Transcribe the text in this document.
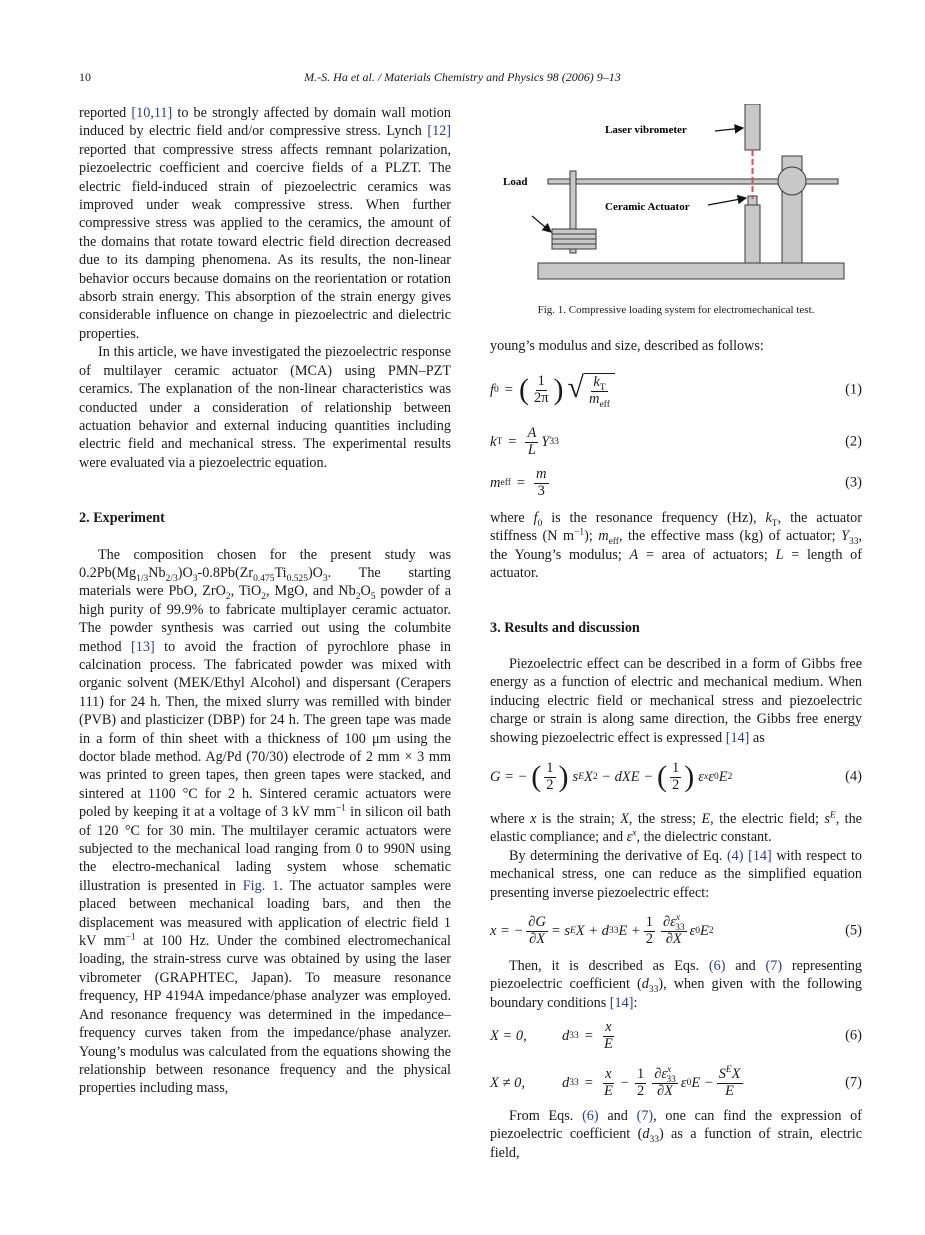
10	M.-S. Ha et al. / Materials Chemistry and Physics 98 (2006) 9–13

reported [10,11] to be strongly affected by domain wall motion induced by electric field and/or compressive stress. Lynch [12] reported that compressive stress affects remnant polarization, piezoelectric coefficient and coercive fields of a PLZT. The electric field-induced strain of piezoelectric ceramics was improved under weak compressive stress. When further compressive stress was applied to the ceramics, the amount of the domains that rotate toward electric field direction decreased due to its damping phenomena. As its results, the non-linear behavior occurs because domains on the reorientation or rotation absorb strain energy. This absorption of the strain energy gives considerable influence on change in piezoelectric and dielectric properties.

In this article, we have investigated the piezoelectric response of multilayer ceramic actuator (MCA) using PMN–PZT ceramics. The explanation of the non-linear characteristics was conducted under a consideration of relationship between actuation behavior and external inducing quantities including electric field and mechanical stress. The experimental results were evaluated via a piezoelectric equation.

2. Experiment

The composition chosen for the present study was $0.2Pb(Mg_{1/3}Nb_{2/3})O_3-0.8Pb(Zr_{0.475}Ti_{0.525})O_3$. The starting materials were PbO, ZrO$_2$, TiO$_2$, MgO, and $Nb_2O_5$ powder of a high purity of 99.9% to fabricate multiplayer ceramic actuator. The powder synthesis was carried out using the columbite method [13] to avoid the fraction of pyrochlore phase in calcination process. The fabricated powder was mixed with organic solvent (MEK/Ethyl Alcohol) and dispersant (Cerapers 111) for 24 h. Then, the mixed slurry was remilled with binder (PVB) and plasticizer (DBP) for 24 h. The green tape was made in a form of thin sheet with a thickness of 100 μm using the doctor blade method. Ag/Pd (70/30) electrode of 2 mm × 3 mm was printed to green tapes, then green tapes were stacked, and sintered at 1100 °C for 2 h. Sintered ceramic actuators were poled by keeping it at a voltage of 3 kV $mm^{-1}$ in silicon oil bath of 120 °C for 30 min. The multilayer ceramic actuators were subjected to the mechanical load ranging from 0 to 990N using the electro-mechanical lading system whose schematic illustration is presented in Fig. 1. The actuator samples were placed between mechanical loading bars, and then the displacement was measured with application of electric field 1 kV $mm^{-1}$ at 100 Hz. Under the combined electromechanical loading, the strain-stress curve was obtained by using the laser vibrometer (GRAPHTEC, Japan). To measure resonance frequency, HP 4194A impedance/phase analyzer was employed. And resonance frequency was determined in the impedance–frequency curves taken from the impedance/phase analyzer. Young’s modulus was calculated from the equations showing the relationship between resonance frequency and the physical properties including mass,

Laser vibrometer
Load
Ceramic Actuator
Fig. 1. Compressive loading system for electromechanical test.

young’s modulus and size, described as follows:

f 0 = ( $\frac{1}{2\pi}$ ) √ $\frac{k_T}{m_{eff}}$	(1)
k $T = \frac{A}{L}$ Y 33	(2)
m eff = $\frac{m}{3}$	(3)

where $f_0$ is the resonance frequency (Hz), $k_T$, the actuator stiffness (N $m^{-1}$); $m_{eff}$, the effective mass (kg) of actuator; $Y_{33}$, the Young’s modulus; A = area of actuators; L = length of actuator.

3. Results and discussion

Piezoelectric effect can be described in a form of Gibbs free energy as a function of electric and mechanical medium. When inducing electric field or mechanical stress and piezoelectric charge or strain is along same direction, the Gibbs free energy showing piezoelectric effect is expressed [14] as

G = − ( $\frac{1}{2}$ ) s E X 2 − dXE − ( $\frac{1}{2}$ ) ε x ε 0 E 2	(4)

where x is the strain; X, the stress; E, the electric field; $s^E$, the elastic compliance; and $\varepsilon^x$, the dielectric constant.

By determining the derivative of Eq. (4) [14] with respect to mechanical stress, one can reduce as the simplified equation presenting inverse piezoelectric effect:

x = − $\frac{\partial G}{\partial X} = s$ E X + d 33 $E + \frac{1}{2} \frac{\partial\varepsilon^x_{33}}{\partial X}$ ε 0 E 2	(5)

Then, it is described as Eqs. (6) and (7) representing piezoelectric coefficient $(d_{33})$, when given with the following boundary conditions [14]:

X = 0,	d $33 = \frac{x}{E}$	(6)
X ≠ 0,	d $33 = \frac{x}{E} - \frac{1}{2} \frac{\partial\varepsilon^x_{33}}{\partial X}$ ε 0 $E - \frac{S^EX}{E}$	(7)

From Eqs. (6) and (7), one can find the expression of piezoelectric coefficient $(d_{33})$ as a function of strain, electric field,
